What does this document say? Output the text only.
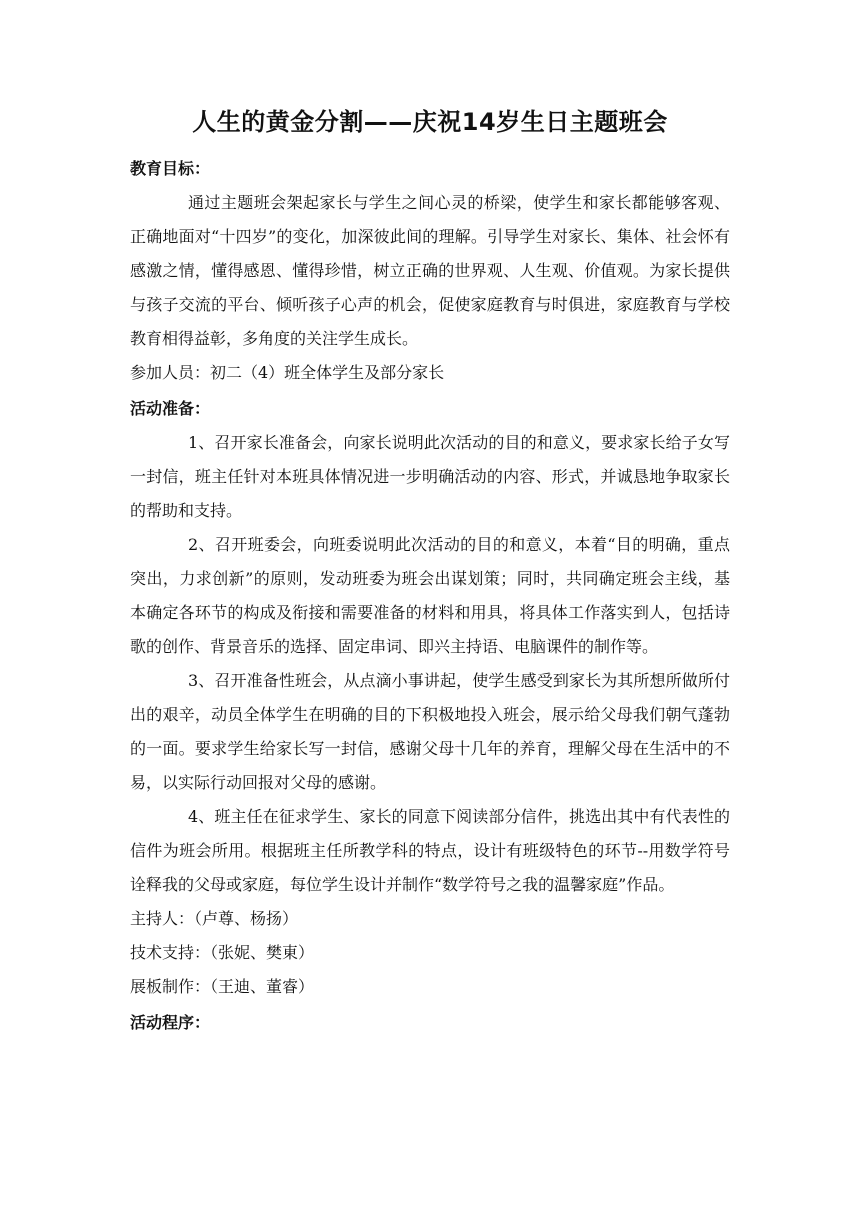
人生的黄金分割——庆祝14岁生日主题班会
教育目标：
通过主题班会架起家长与学生之间心灵的桥梁，使学生和家长都能够客观、正确地面对“十四岁”的变化，加深彼此间的理解。引导学生对家长、集体、社会怀有感激之情，懂得感恩、懂得珍惜，树立正确的世界观、人生观、价值观。为家长提供与孩子交流的平台、倾听孩子心声的机会，促使家庭教育与时俱进，家庭教育与学校教育相得益彰，多角度的关注学生成长。
参加人员：初二（4）班全体学生及部分家长
活动准备：
1、召开家长准备会，向家长说明此次活动的目的和意义，要求家长给子女写一封信，班主任针对本班具体情况进一步明确活动的内容、形式，并诚恳地争取家长的帮助和支持。
2、召开班委会，向班委说明此次活动的目的和意义，本着“目的明确，重点突出，力求创新”的原则，发动班委为班会出谋划策；同时，共同确定班会主线，基本确定各环节的构成及衔接和需要准备的材料和用具，将具体工作落实到人，包括诗歌的创作、背景音乐的选择、固定串词、即兴主持语、电脑课件的制作等。
3、召开准备性班会，从点滴小事讲起，使学生感受到家长为其所想所做所付出的艰辛，动员全体学生在明确的目的下积极地投入班会，展示给父母我们朝气蓬勃的一面。要求学生给家长写一封信，感谢父母十几年的养育，理解父母在生活中的不易，以实际行动回报对父母的感谢。
4、班主任在征求学生、家长的同意下阅读部分信件，挑选出其中有代表性的信件为班会所用。根据班主任所教学科的特点，设计有班级特色的环节--用数学符号诠释我的父母或家庭，每位学生设计并制作“数学符号之我的温馨家庭”作品。
主持人：（卢尊、杨扬）
技术支持：（张妮、樊東）
展板制作：（王迪、董睿）
活动程序：
